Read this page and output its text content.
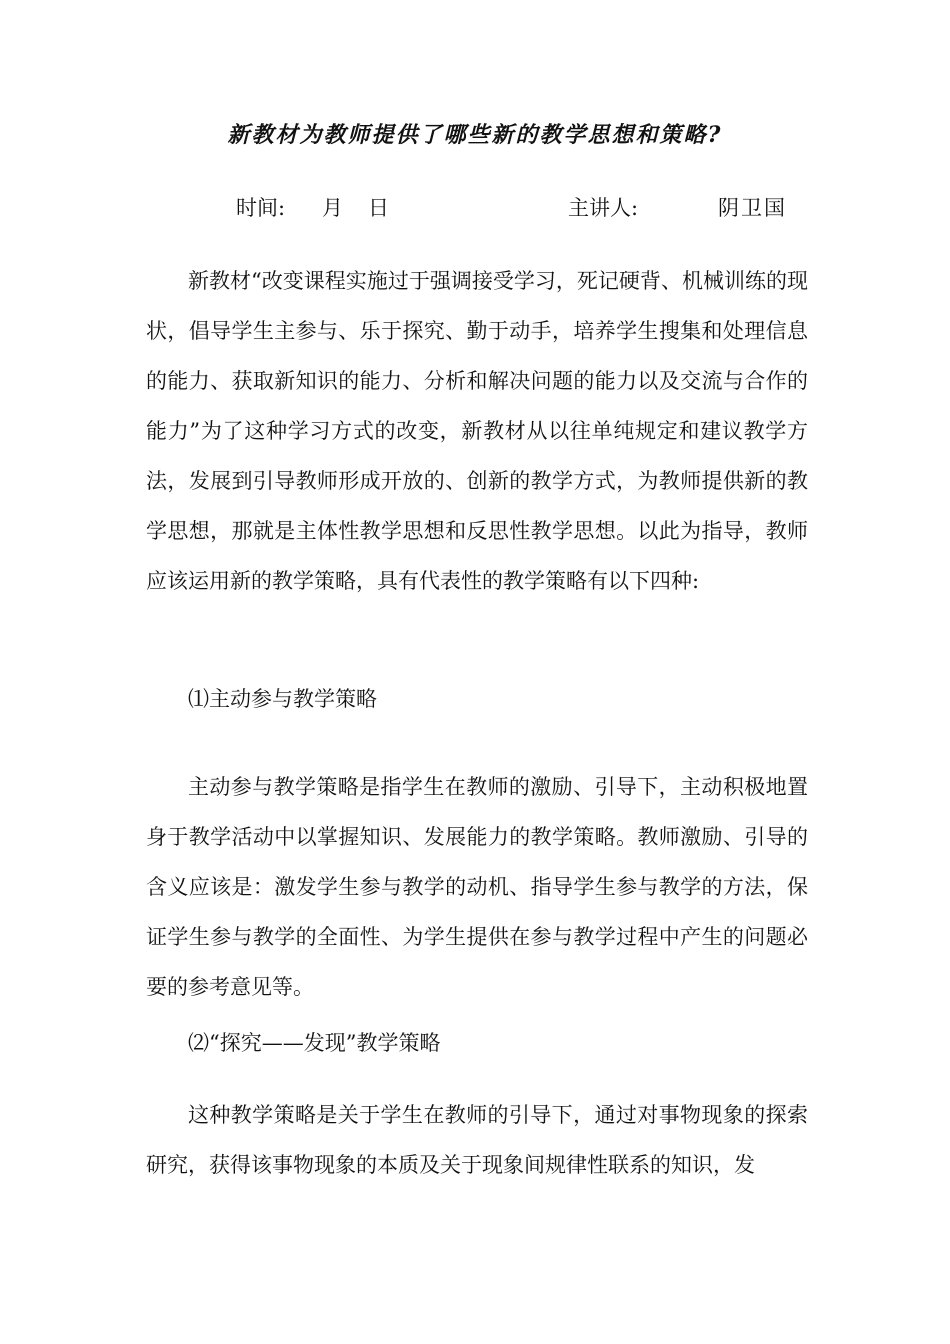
新教材为教师提供了哪些新的教学思想和策略?
时间: 月 日	主讲人:	阴卫国

新教材“改变课程实施过于强调接受学习，死记硬背、机械训练的现状，倡导学生主参与、乐于探究、勤于动手，培养学生搜集和处理信息的能力、获取新知识的能力、分析和解决问题的能力以及交流与合作的能力”为了这种学习方式的改变，新教材从以往单纯规定和建议教学方法，发展到引导教师形成开放的、创新的教学方式，为教师提供新的教学思想，那就是主体性教学思想和反思性教学思想。以此为指导，教师应该运用新的教学策略，具有代表性的教学策略有以下四种:

⑴主动参与教学策略

主动参与教学策略是指学生在教师的激励、引导下，主动积极地置身于教学活动中以掌握知识、发展能力的教学策略。教师激励、引导的含义应该是：激发学生参与教学的动机、指导学生参与教学的方法，保证学生参与教学的全面性、为学生提供在参与教学过程中产生的问题必要的参考意见等。

⑵“探究——发现”教学策略

这种教学策略是关于学生在教师的引导下，通过对事物现象的探索研究，获得该事物现象的本质及关于现象间规律性联系的知识，发
